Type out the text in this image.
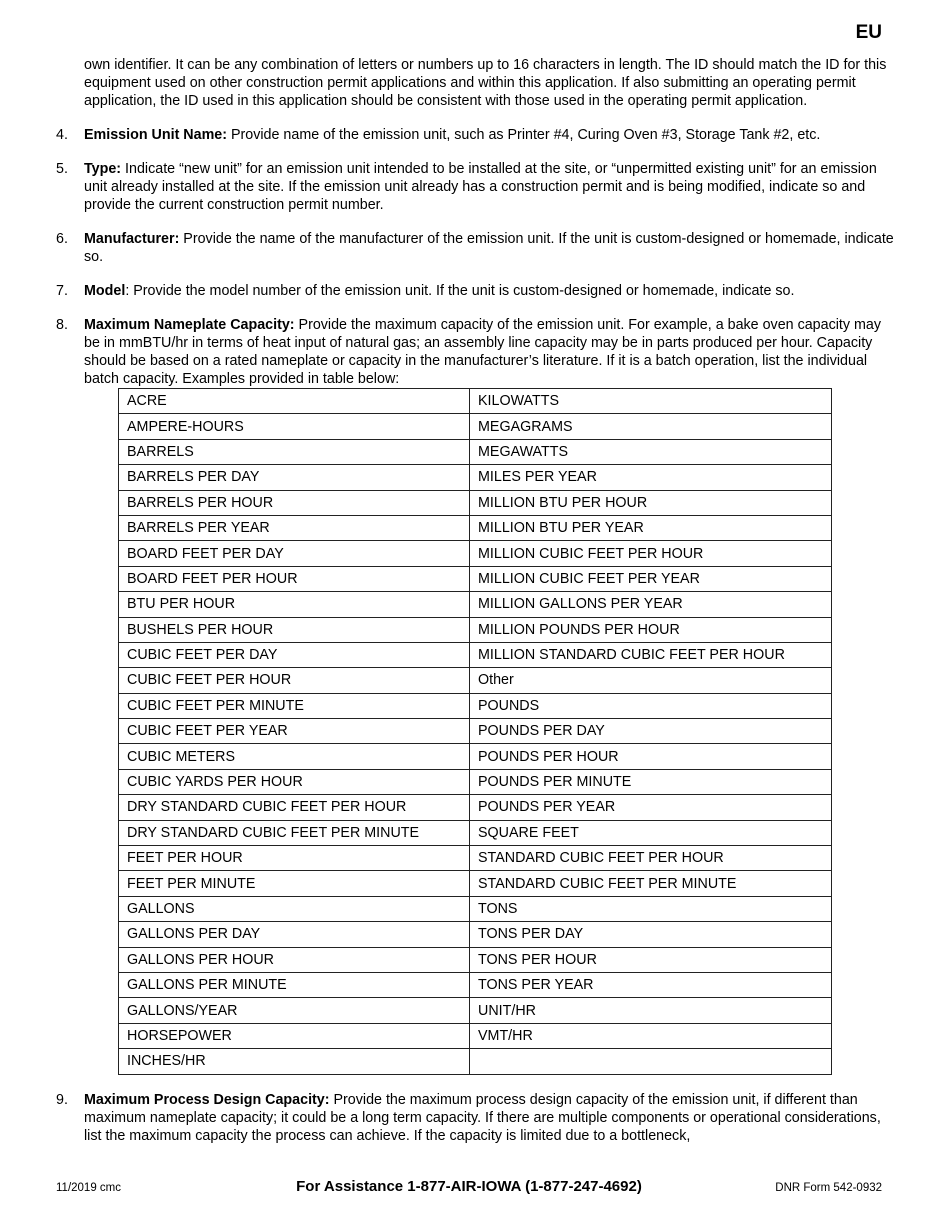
EU

own identifier. It can be any combination of letters or numbers up to 16 characters in length. The ID should match the ID for this equipment used on other construction permit applications and within this application. If also submitting an operating permit application, the ID used in this application should be consistent with those used in the operating permit application.

4.	Emission Unit Name: Provide name of the emission unit, such as Printer #4, Curing Oven #3, Storage Tank #2, etc.
5.	Type: Indicate “new unit” for an emission unit intended to be installed at the site, or “unpermitted existing unit” for an emission unit already installed at the site. If the emission unit already has a construction permit and is being modified, indicate so and provide the current construction permit number.
6.	Manufacturer: Provide the name of the manufacturer of the emission unit. If the unit is custom-designed or homemade, indicate so.
7.	Model: Provide the model number of the emission unit. If the unit is custom-designed or homemade, indicate so.
8.	Maximum Nameplate Capacity: Provide the maximum capacity of the emission unit. For example, a bake oven capacity may be in mmBTU/hr in terms of heat input of natural gas; an assembly line capacity may be in parts produced per hour. Capacity should be based on a rated nameplate or capacity in the manufacturer’s literature. If it is a batch operation, list the individual batch capacity. Examples provided in table below:
ACRE	KILOWATTS
AMPERE-HOURS	MEGAGRAMS
BARRELS	MEGAWATTS
BARRELS PER DAY	MILES PER YEAR
BARRELS PER HOUR	MILLION BTU PER HOUR
BARRELS PER YEAR	MILLION BTU PER YEAR
BOARD FEET PER DAY	MILLION CUBIC FEET PER HOUR
BOARD FEET PER HOUR	MILLION CUBIC FEET PER YEAR
BTU PER HOUR	MILLION GALLONS PER YEAR
BUSHELS PER HOUR	MILLION POUNDS PER HOUR
CUBIC FEET PER DAY	MILLION STANDARD CUBIC FEET PER HOUR
CUBIC FEET PER HOUR	Other
CUBIC FEET PER MINUTE	POUNDS
CUBIC FEET PER YEAR	POUNDS PER DAY
CUBIC METERS	POUNDS PER HOUR
CUBIC YARDS PER HOUR	POUNDS PER MINUTE
DRY STANDARD CUBIC FEET PER HOUR	POUNDS PER YEAR
DRY STANDARD CUBIC FEET PER MINUTE	SQUARE FEET
FEET PER HOUR	STANDARD CUBIC FEET PER HOUR
FEET PER MINUTE	STANDARD CUBIC FEET PER MINUTE
GALLONS	TONS
GALLONS PER DAY	TONS PER DAY
GALLONS PER HOUR	TONS PER HOUR
GALLONS PER MINUTE	TONS PER YEAR
GALLONS/YEAR	UNIT/HR
HORSEPOWER	VMT/HR
INCHES/HR	
9.	Maximum Process Design Capacity: Provide the maximum process design capacity of the emission unit, if different than maximum nameplate capacity; it could be a long term capacity. If there are multiple components or operational considerations, list the maximum capacity the process can achieve. If the capacity is limited due to a bottleneck,
11/2019 cmc	For Assistance 1-877-AIR-IOWA (1-877-247-4692)	DNR Form 542-0932
